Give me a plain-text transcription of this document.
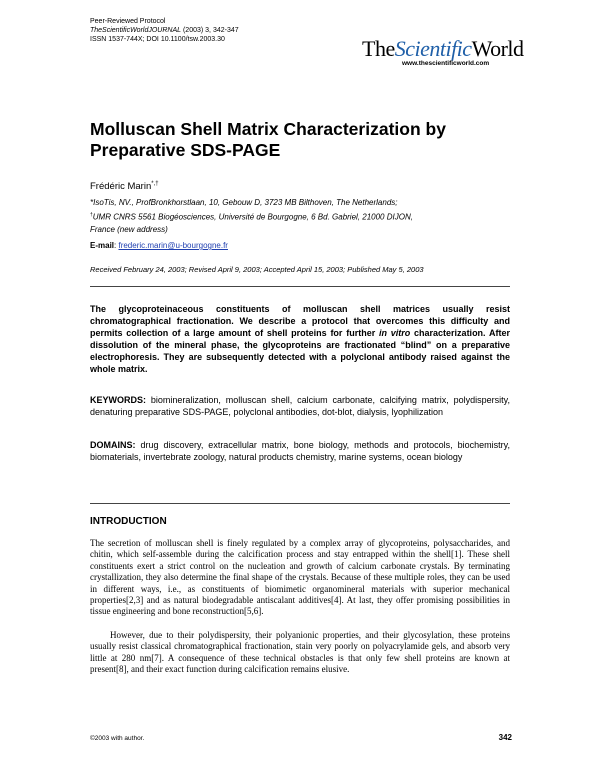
Peer-Reviewed Protocol
TheScientificWorldJOURNAL (2003) 3, 342-347
ISSN 1537-744X; DOI 10.1100/tsw.2003.30	TheScientificWorld
www.thescientificworld.com
Molluscan Shell Matrix Characterization by
Preparative SDS-PAGE
Frédéric Marin*,†
*IsoTis, NV., ProfBronkhorstlaan, 10, Gebouw D, 3723 MB Bilthoven, The Netherlands;
†UMR CNRS 5561 Biogéosciences, Université de Bourgogne, 6 Bd. Gabriel, 21000 DIJON,
France (new address)
E-mail: frederic.marin@u-bourgogne.fr
Received February 24, 2003; Revised April 9, 2003; Accepted April 15, 2003; Published May 5, 2003
The glycoproteinaceous constituents of molluscan shell matrices usually resist chromatographical fractionation. We describe a protocol that overcomes this difficulty and permits collection of a large amount of shell proteins for further in vitro characterization. After dissolution of the mineral phase, the glycoproteins are fractionated “blind” on a preparative electrophoresis. They are subsequently detected with a polyclonal antibody raised against the whole matrix.
KEYWORDS: biomineralization, molluscan shell, calcium carbonate, calcifying matrix, polydispersity, denaturing preparative SDS-PAGE, polyclonal antibodies, dot-blot, dialysis, lyophilization
DOMAINS: drug discovery, extracellular matrix, bone biology, methods and protocols, biochemistry, biomaterials, invertebrate zoology, natural products chemistry, marine systems, ocean biology
INTRODUCTION
The secretion of molluscan shell is finely regulated by a complex array of glycoproteins, polysaccharides, and chitin, which self-assemble during the calcification process and stay entrapped within the shell[1]. These shell constituents exert a strict control on the nucleation and growth of calcium carbonate crystals. By terminating crystallization, they also determine the final shape of the crystals. Because of these multiple roles, they can be used in different ways, i.e., as constituents of biomimetic organomineral materials with superior mechanical properties[2,3] and as natural biodegradable antiscalant additives[4]. At last, they offer promising possibilities in tissue engineering and bone reconstruction[5,6].
However, due to their polydispersity, their polyanionic properties, and their glycosylation, these proteins usually resist classical chromatographical fractionation, stain very poorly on polyacrylamide gels, and absorb very little at 280 nm[7]. A consequence of these technical obstacles is that only few shell proteins are known at present[8], and their exact function during calcification remains elusive.
©2003 with author.	342
